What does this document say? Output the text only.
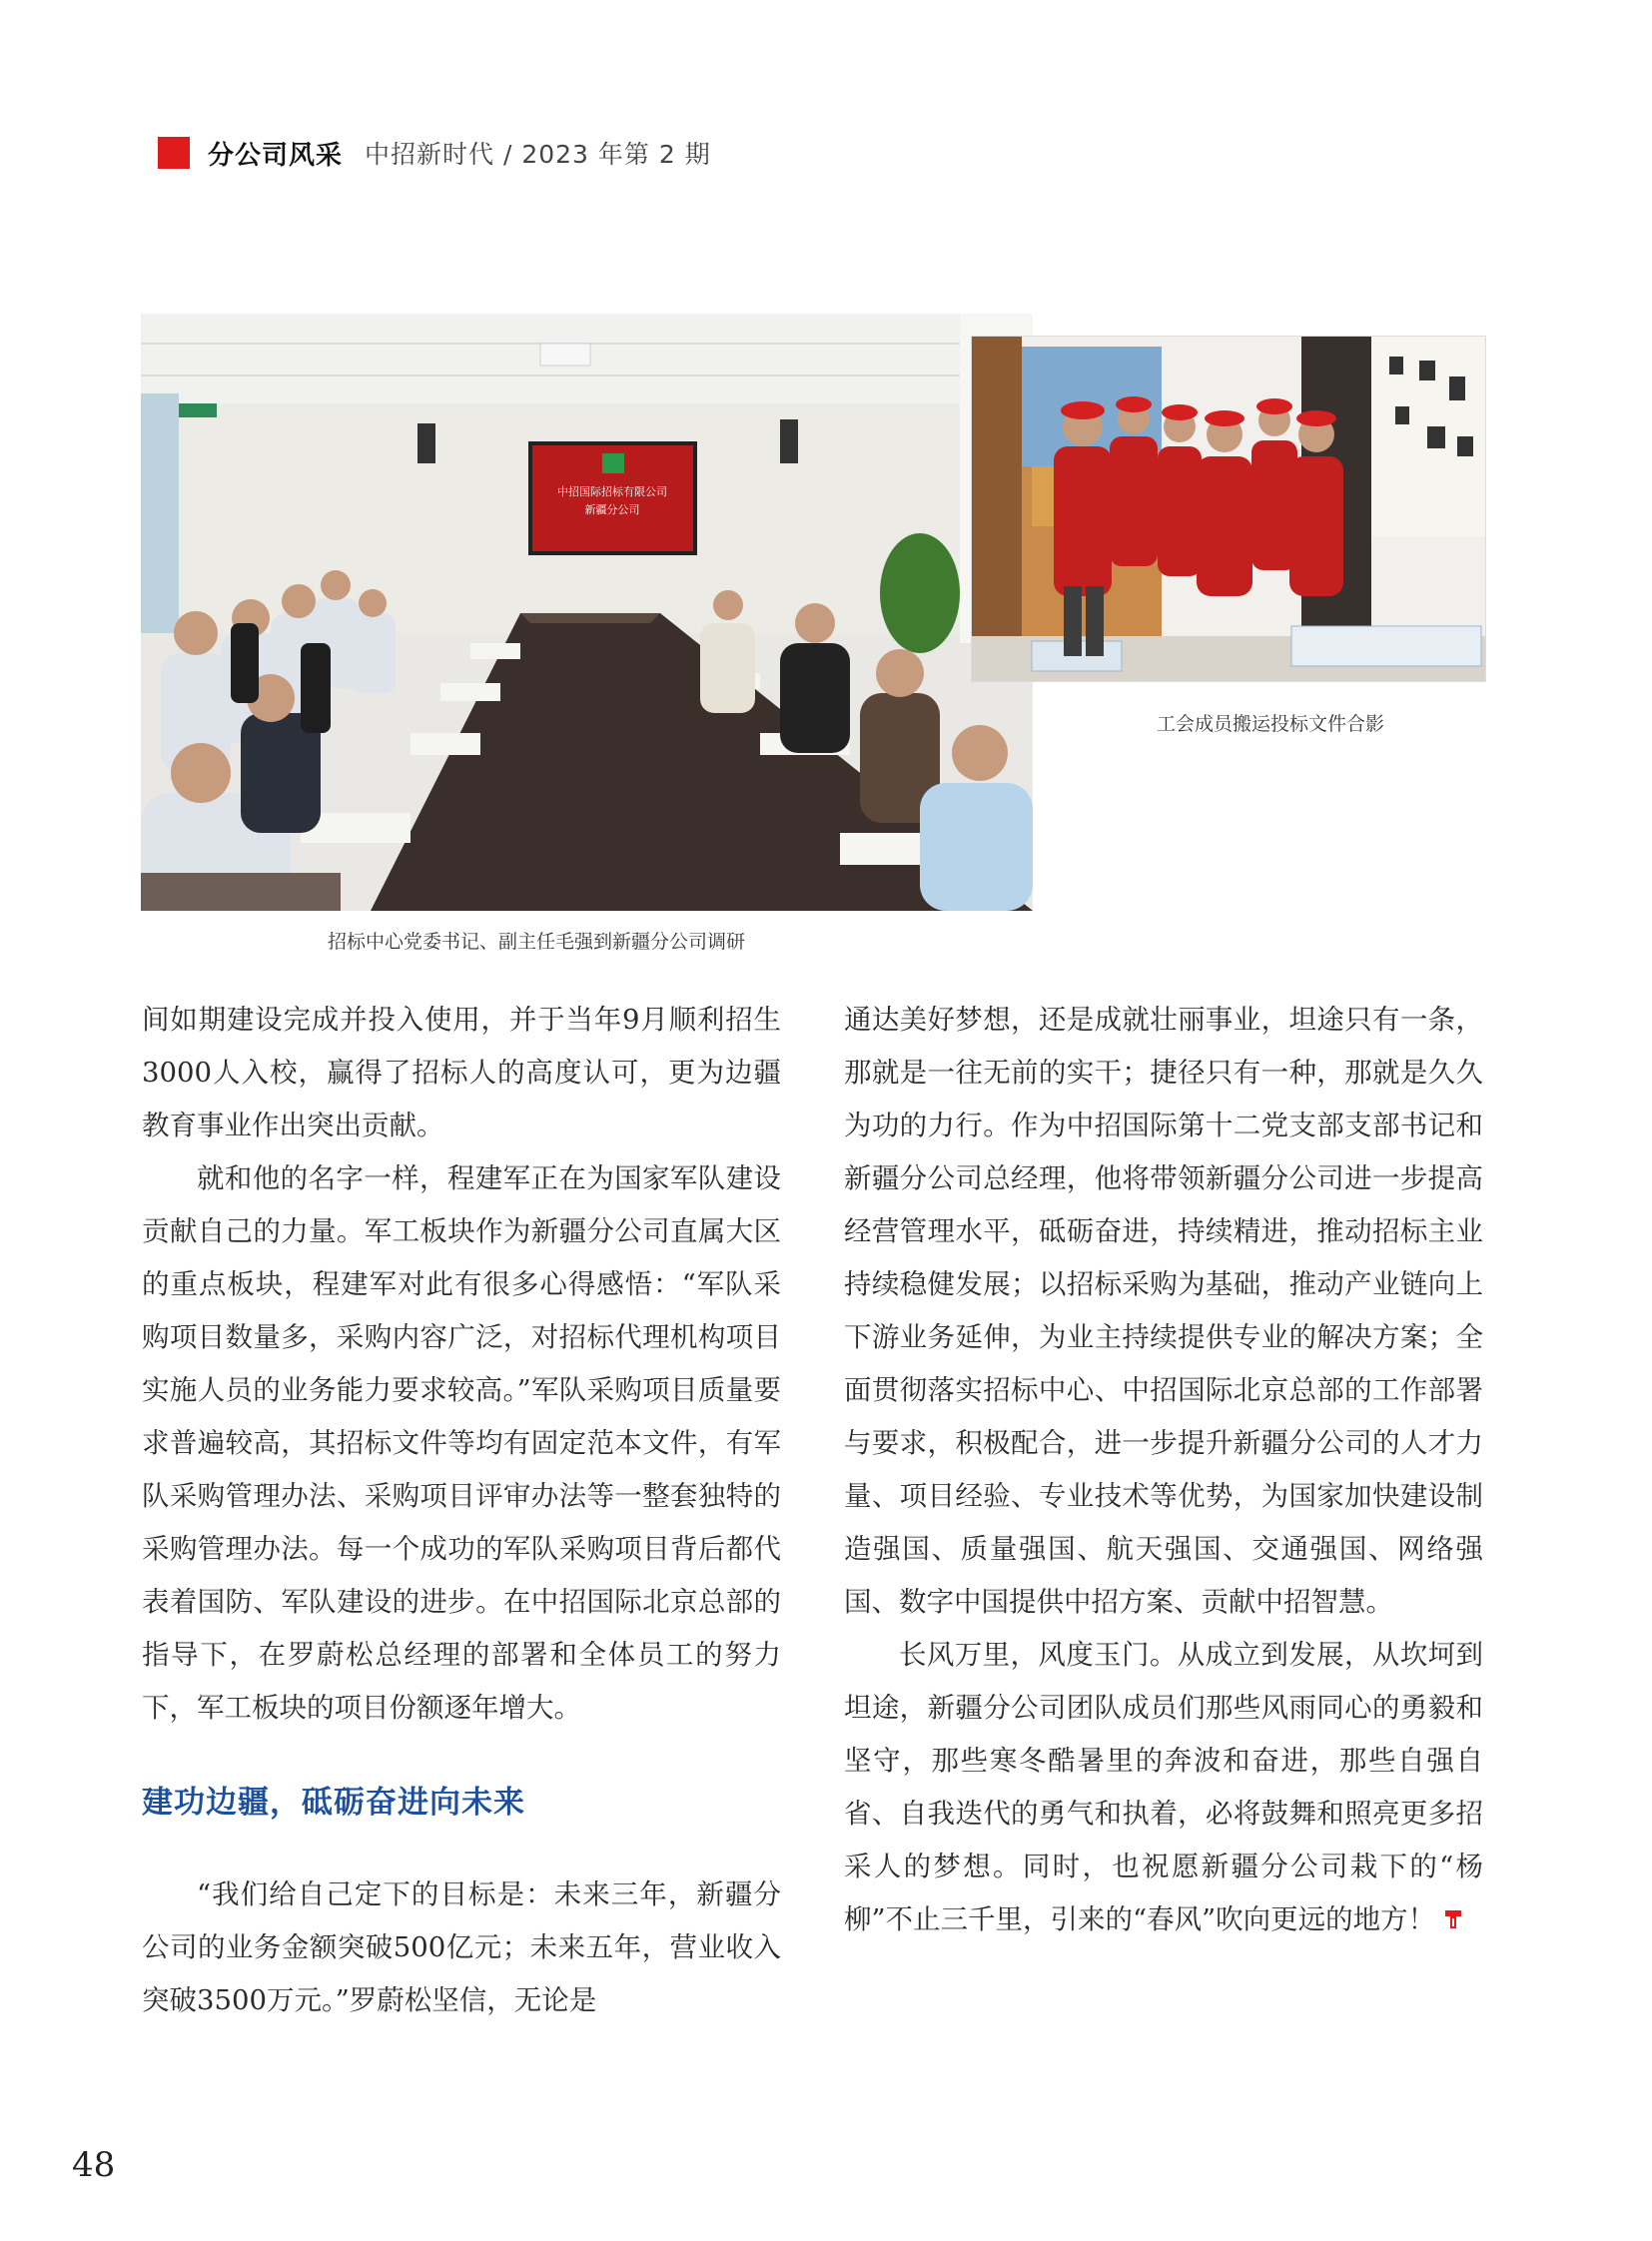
分公司风采 中招新时代 / 2023 年第 2 期
中招国际招标有限公司
新疆分公司
招标中心党委书记、副主任毛强到新疆分公司调研
工会成员搬运投标文件合影

间如期建设完成并投入使用，并于当年9月顺利招生3000人入校，赢得了招标人的高度认可，更为边疆教育事业作出突出贡献。

就和他的名字一样，程建军正在为国家军队建设贡献自己的力量。军工板块作为新疆分公司直属大区的重点板块，程建军对此有很多心得感悟：“军队采购项目数量多，采购内容广泛，对招标代理机构项目实施人员的业务能力要求较高。”军队采购项目质量要求普遍较高，其招标文件等均有固定范本文件，有军队采购管理办法、采购项目评审办法等一整套独特的采购管理办法。每一个成功的军队采购项目背后都代表着国防、军队建设的进步。在中招国际北京总部的指导下，在罗蔚松总经理的部署和全体员工的努力下，军工板块的项目份额逐年增大。

建功边疆，砥砺奋进向未来

“我们给自己定下的目标是：未来三年，新疆分公司的业务金额突破500亿元；未来五年，营业收入突破3500万元。”罗蔚松坚信，无论是

通达美好梦想，还是成就壮丽事业，坦途只有一条，那就是一往无前的实干；捷径只有一种，那就是久久为功的力行。作为中招国际第十二党支部支部书记和新疆分公司总经理，他将带领新疆分公司进一步提高经营管理水平，砥砺奋进，持续精进，推动招标主业持续稳健发展；以招标采购为基础，推动产业链向上下游业务延伸，为业主持续提供专业的解决方案；全面贯彻落实招标中心、中招国际北京总部的工作部署与要求，积极配合，进一步提升新疆分公司的人才力量、项目经验、专业技术等优势，为国家加快建设制造强国、质量强国、航天强国、交通强国、网络强国、数字中国提供中招方案、贡献中招智慧。

长风万里，风度玉门。从成立到发展，从坎坷到坦途，新疆分公司团队成员们那些风雨同心的勇毅和坚守，那些寒冬酷暑里的奔波和奋进，那些自强自省、自我迭代的勇气和执着，必将鼓舞和照亮更多招采人的梦想。同时，也祝愿新疆分公司栽下的“杨柳”不止三千里，引来的“春风”吹向更远的地方！

48
